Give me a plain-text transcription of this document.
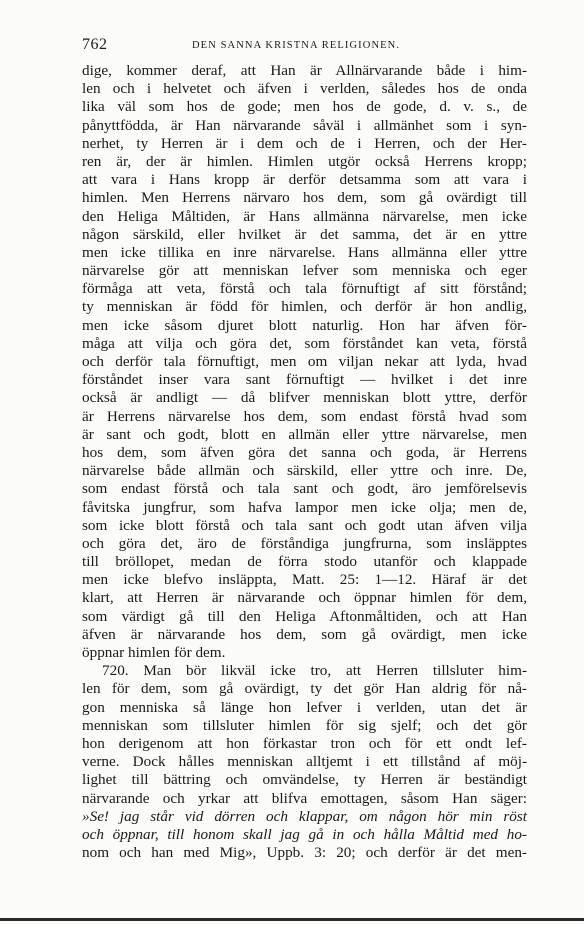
762	DEN SANNA KRISTNA RELIGIONEN.
dige, kommer deraf, att Han är Allnärvarande både i him-
len och i helvetet och äfven i verlden, således hos de onda
lika väl som hos de gode; men hos de gode, d. v. s., de
pånyttfödda, är Han närvarande såväl i allmänhet som i syn-
nerhet, ty Herren är i dem och de i Herren, och der Her-
ren är, der är himlen. Himlen utgör också Herrens kropp;
att vara i Hans kropp är derför detsamma som att vara i
himlen. Men Herrens närvaro hos dem, som gå ovärdigt till
den Heliga Måltiden, är Hans allmänna närvarelse, men icke
någon särskild, eller hvilket är det samma, det är en yttre
men icke tillika en inre närvarelse. Hans allmänna eller yttre
närvarelse gör att menniskan lefver som menniska och eger
förmåga att veta, förstå och tala förnuftigt af sitt förstånd;
ty menniskan är född för himlen, och derför är hon andlig,
men icke såsom djuret blott naturlig. Hon har äfven för-
måga att vilja och göra det, som förståndet kan veta, förstå
och derför tala förnuftigt, men om viljan nekar att lyda, hvad
förståndet inser vara sant förnuftigt — hvilket i det inre
också är andligt — då blifver menniskan blott yttre, derför
är Herrens närvarelse hos dem, som endast förstå hvad som
är sant och godt, blott en allmän eller yttre närvarelse, men
hos dem, som äfven göra det sanna och goda, är Herrens
närvarelse både allmän och särskild, eller yttre och inre. De,
som endast förstå och tala sant och godt, äro jemförelsevis
fåvitska jungfrur, som hafva lampor men icke olja; men de,
som icke blott förstå och tala sant och godt utan äfven vilja
och göra det, äro de förståndiga jungfrurna, som insläpptes
till bröllopet, medan de förra stodo utanför och klappade
men icke blefvo insläppta, Matt. 25: 1—12. Häraf är det
klart, att Herren är närvarande och öppnar himlen för dem,
som värdigt gå till den Heliga Aftonmåltiden, och att Han
äfven är närvarande hos dem, som gå ovärdigt, men icke
öppnar himlen för dem.
720. Man bör likväl icke tro, att Herren tillsluter him-
len för dem, som gå ovärdigt, ty det gör Han aldrig för nå-
gon menniska så länge hon lefver i verlden, utan det är
menniskan som tillsluter himlen för sig sjelf; och det gör
hon derigenom att hon förkastar tron och för ett ondt lef-
verne. Dock hålles menniskan alltjemt i ett tillstånd af möj-
lighet till bättring och omvändelse, ty Herren är beständigt
närvarande och yrkar att blifva emottagen, såsom Han säger:
»Se! jag står vid dörren och klappar, om någon hör min röst
och öppnar, till honom skall jag gå in och hålla Måltid med ho-
nom och han med Mig», Uppb. 3: 20; och derför är det men-
